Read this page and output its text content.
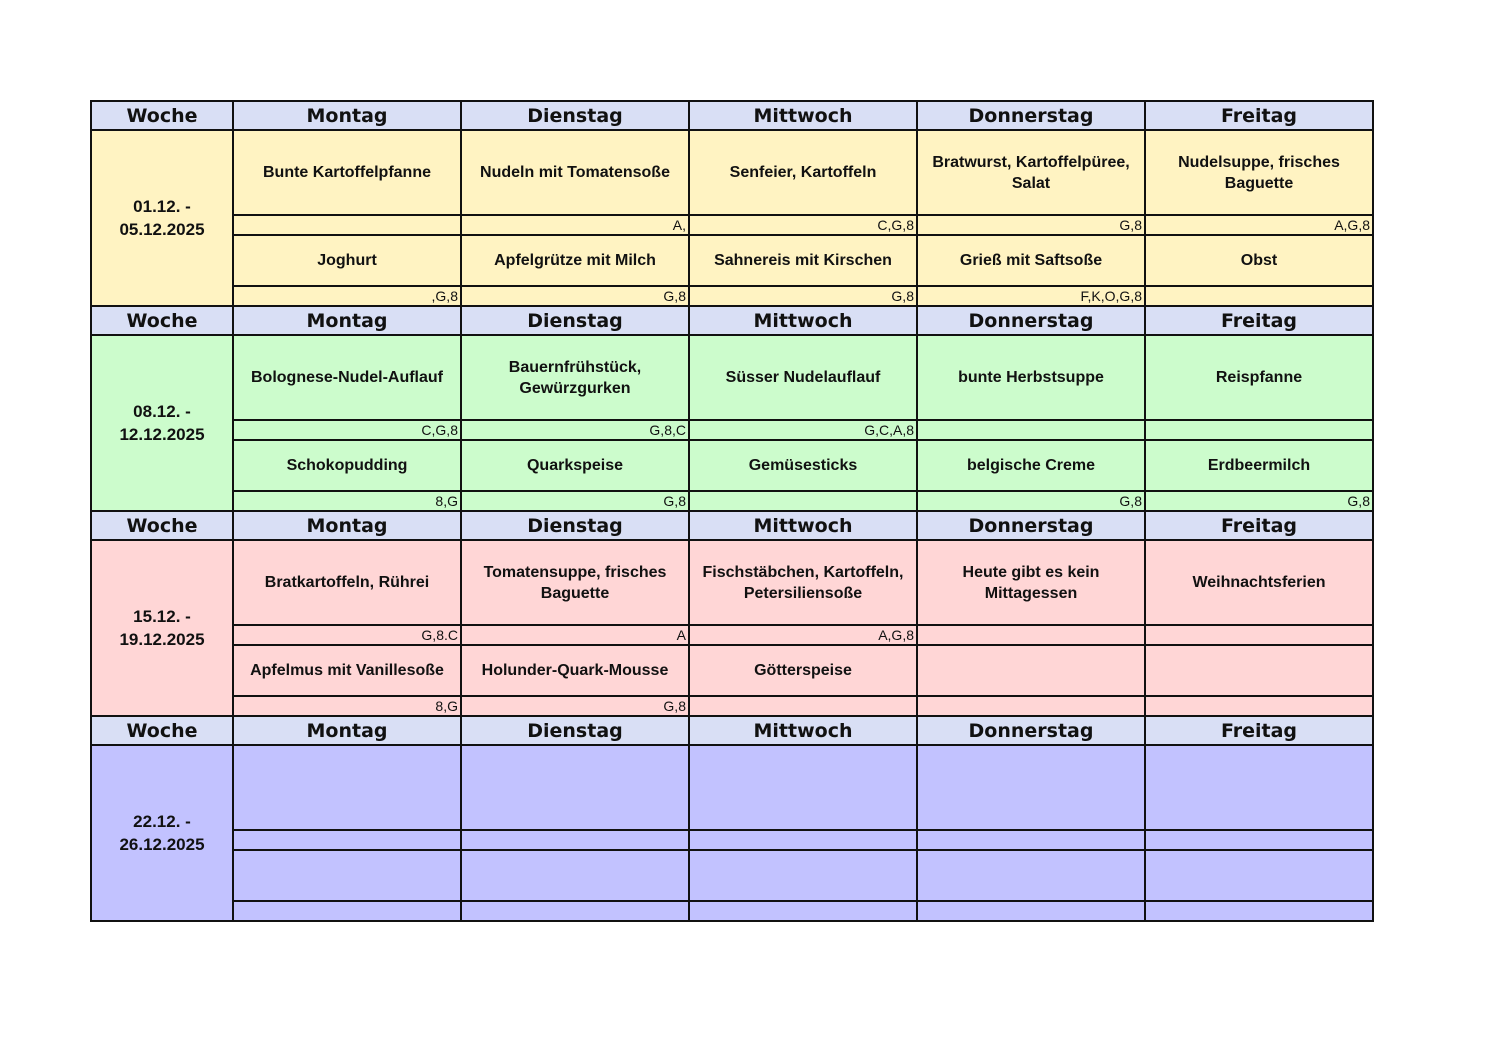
Woche	Montag	Dienstag	Mittwoch	Donnerstag	Freitag

01.12. -
05.12.2025	Bunte Kartoffelpfanne	Nudeln mit Tomatensoße	Senfeier, Kartoffeln	Bratwurst, Kartoffelpüree, Salat	Nudelsuppe, frisches Baguette
		A,	C,G,8	G,8	A,G,8
	Joghurt	Apfelgrütze mit Milch	Sahnereis mit Kirschen	Grieß mit Saftsoße	Obst
	,G,8	G,8	G,8	F,K,O,G,8	
Woche	Montag	Dienstag	Mittwoch	Donnerstag	Freitag

08.12. -
12.12.2025	Bolognese-Nudel-Auflauf	Bauernfrühstück, Gewürzgurken	Süsser Nudelauflauf	bunte Herbstsuppe	Reispfanne
	C,G,8	G,8,C	G,C,A,8		
	Schokopudding	Quarkspeise	Gemüsesticks	belgische Creme	Erdbeermilch
	8,G	G,8		G,8	G,8
Woche	Montag	Dienstag	Mittwoch	Donnerstag	Freitag

15.12. -
19.12.2025	Bratkartoffeln, Rührei	Tomatensuppe, frisches Baguette	Fischstäbchen, Kartoffeln, Petersiliensoße	Heute gibt es kein Mittagessen	Weihnachtsferien
	G,8.C	A	A,G,8		
	Apfelmus mit Vanillesoße	Holunder-Quark-Mousse	Götterspeise		
	8,G	G,8			
Woche	Montag	Dienstag	Mittwoch	Donnerstag	Freitag

22.12. -
26.12.2025					
